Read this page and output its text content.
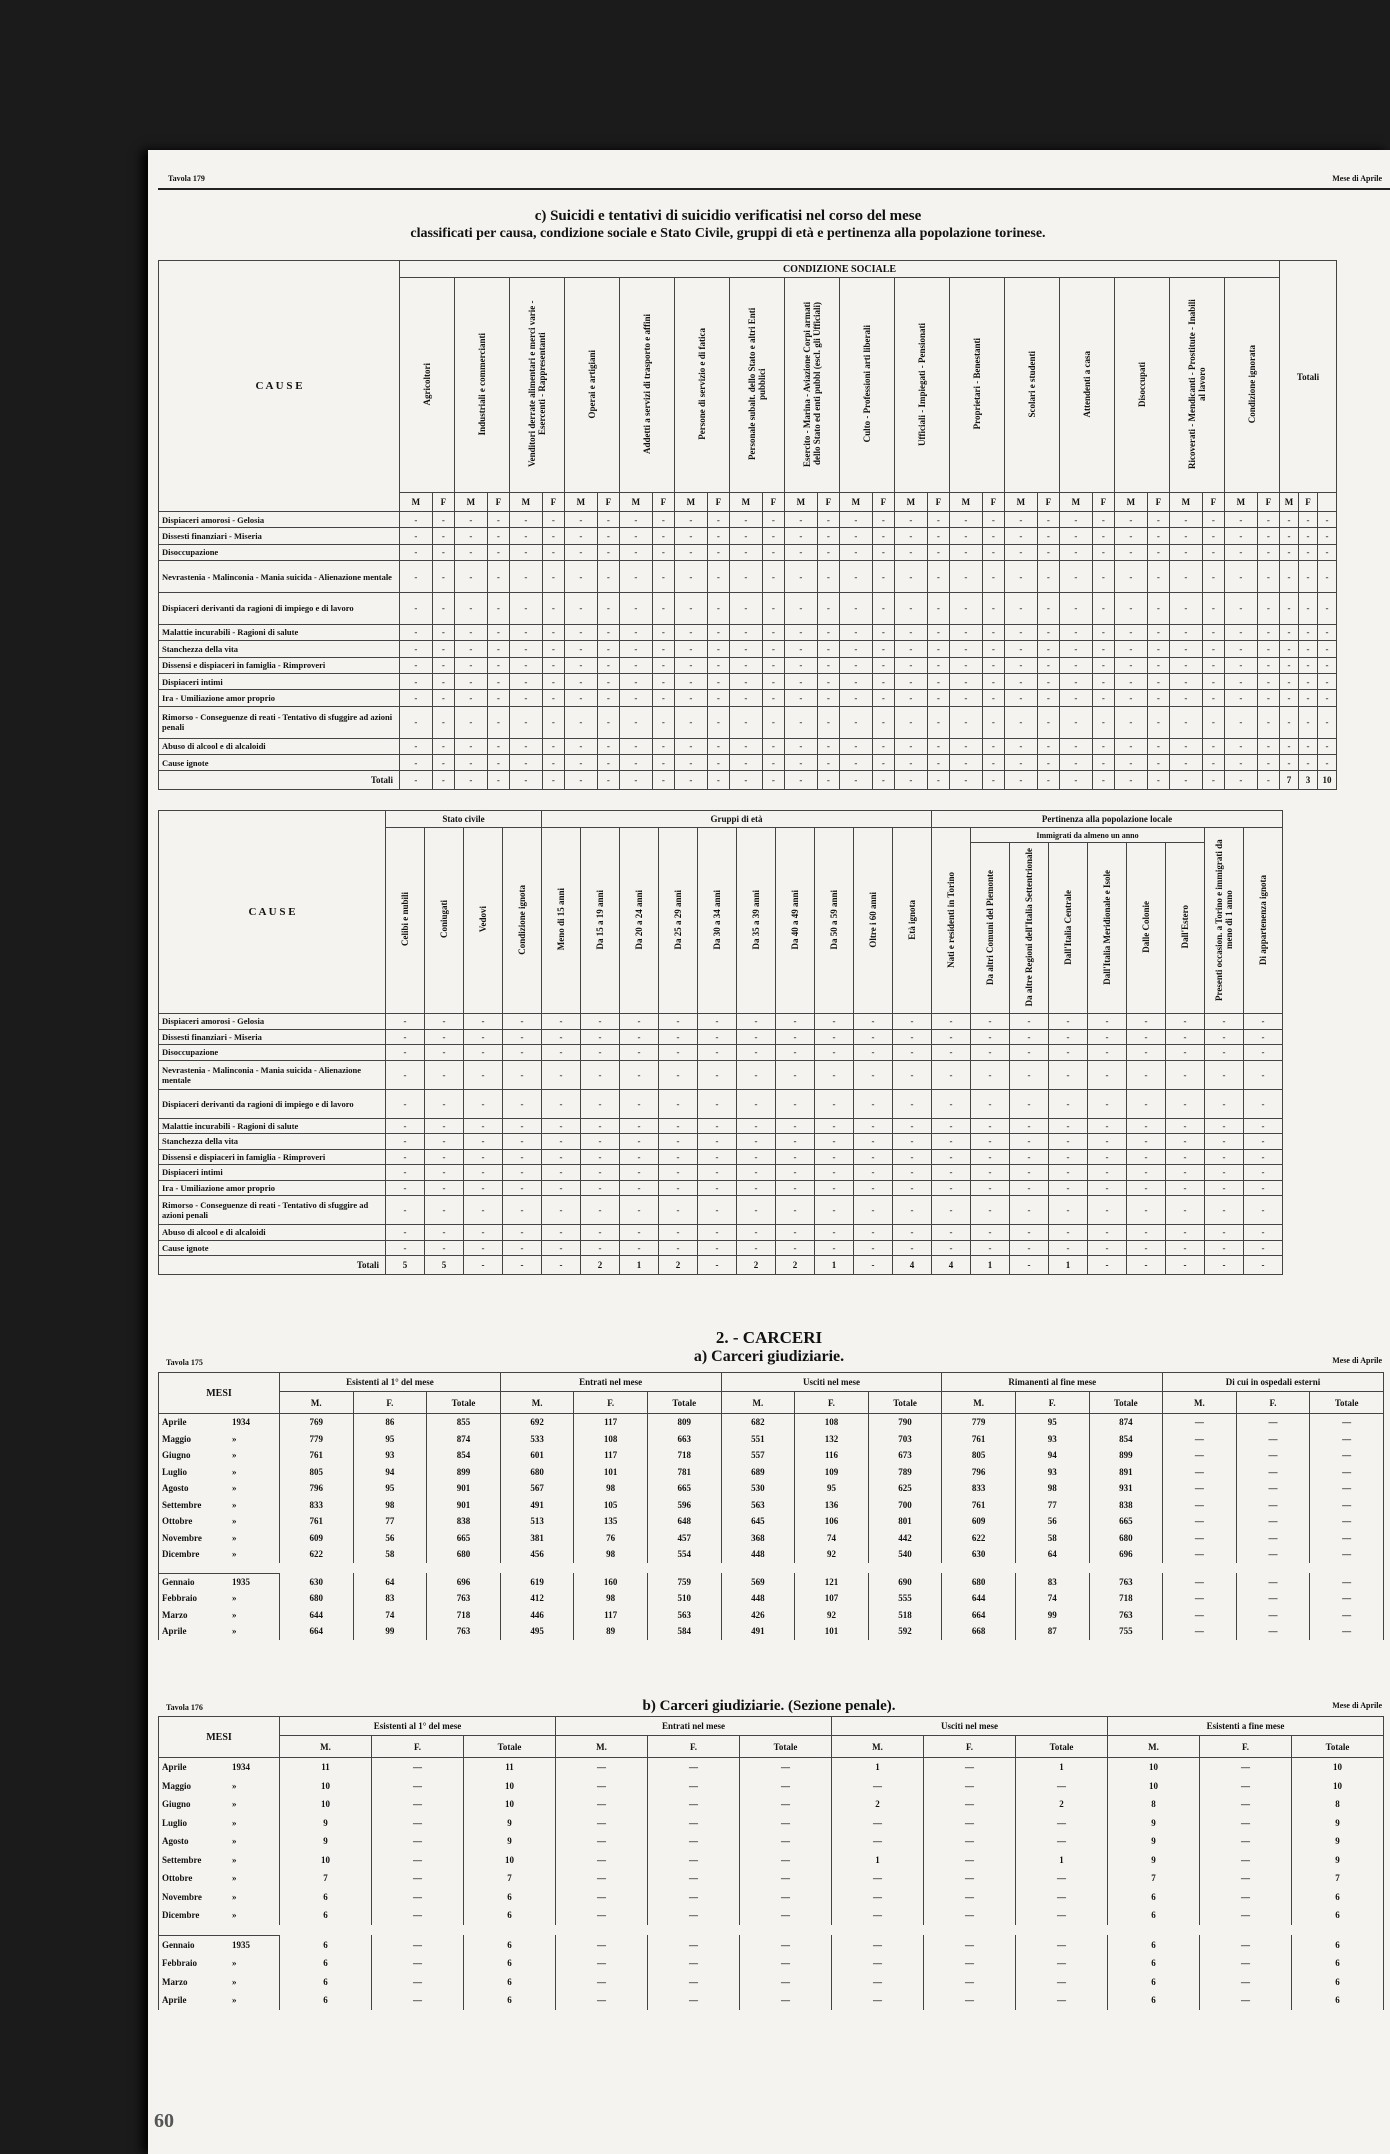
Tavola 179	Mese di Aprile
c) Suicidi e tentativi di suicidio verificatisi nel corso del mese
classificati per causa, condizione sociale e Stato Civile, gruppi di età e pertinenza alla popolazione torinese.
C A U S E	CONDIZIONE SOCIALE																																Totali		
	Agricoltori		Industriali e commercianti		Venditori derrate alimentari e merci varie - Esercenti - Rappresentanti		Operai e artigiani		Addetti a servizi di trasporto e affini		Persone di servizio e di fatica		Personale subalt. dello Stato e altri Enti pubblici		Esercito - Marina - Aviazione Corpi armati dello Stato ed enti pubbl (escl. gli Ufficiali)		Culto - Professioni arti liberali		Ufficiali - Impiegati - Pensionati		Proprietari - Benestanti		Scolari e studenti		Attendenti a casa		Disoccupati		Ricoverati - Mendicanti - Prostitute - Inabili al lavoro		Condizione ignorata				
	M	F	M	F	M	F	M	F	M	F	M	F	M	F	M	F	M	F	M	F	M	F	M	F	M	F	M	F	M	F	M	F	M	F	
Dispiaceri amorosi - Gelosia	-	-	-	-	-	-	-	-	-	-	-	-	-	-	-	-	-	-	-	-	-	-	-	-	-	-	-	-	-	-	-	-	-	-	-
Dissesti finanziari - Miseria	-	-	-	-	-	-	-	-	-	-	-	-	-	-	-	-	-	-	-	-	-	-	-	-	-	-	-	-	-	-	-	-	-	-	-
Disoccupazione	-	-	-	-	-	-	-	-	-	-	-	-	-	-	-	-	-	-	-	-	-	-	-	-	-	-	-	-	-	-	-	-	-	-	-
Nevrastenia - Malinconia - Mania suicida - Alienazione mentale	-	-	-	-	-	-	-	-	-	-	-	-	-	-	-	-	-	-	-	-	-	-	-	-	-	-	-	-	-	-	-	-	-	-	-
Dispiaceri derivanti da ragioni di impiego e di lavoro	-	-	-	-	-	-	-	-	-	-	-	-	-	-	-	-	-	-	-	-	-	-	-	-	-	-	-	-	-	-	-	-	-	-	-
Malattie incurabili - Ragioni di salute	-	-	-	-	-	-	-	-	-	-	-	-	-	-	-	-	-	-	-	-	-	-	-	-	-	-	-	-	-	-	-	-	-	-	-
Stanchezza della vita	-	-	-	-	-	-	-	-	-	-	-	-	-	-	-	-	-	-	-	-	-	-	-	-	-	-	-	-	-	-	-	-	-	-	-
Dissensi e dispiaceri in famiglia - Rimproveri	-	-	-	-	-	-	-	-	-	-	-	-	-	-	-	-	-	-	-	-	-	-	-	-	-	-	-	-	-	-	-	-	-	-	-
Dispiaceri intimi	-	-	-	-	-	-	-	-	-	-	-	-	-	-	-	-	-	-	-	-	-	-	-	-	-	-	-	-	-	-	-	-	-	-	-
Ira - Umiliazione amor proprio	-	-	-	-	-	-	-	-	-	-	-	-	-	-	-	-	-	-	-	-	-	-	-	-	-	-	-	-	-	-	-	-	-	-	-
Rimorso - Conseguenze di reati - Tentativo di sfuggire ad azioni penali	-	-	-	-	-	-	-	-	-	-	-	-	-	-	-	-	-	-	-	-	-	-	-	-	-	-	-	-	-	-	-	-	-	-	-
Abuso di alcool e di alcaloidi	-	-	-	-	-	-	-	-	-	-	-	-	-	-	-	-	-	-	-	-	-	-	-	-	-	-	-	-	-	-	-	-	-	-	-
Cause ignote	-	-	-	-	-	-	-	-	-	-	-	-	-	-	-	-	-	-	-	-	-	-	-	-	-	-	-	-	-	-	-	-	-	-	-
Totali	-	-	-	-	-	-	-	-	-	-	-	-	-	-	-	-	-	-	-	-	-	-	-	-	-	-	-	-	-	-	-	-	7	3	10
C A U S E	Stato civile				Gruppi di età										Pertinenza alla popolazione locale								
	Celibi e nubili	Coniugati	Vedovi	Condizione ignota	Meno di 15 anni	Da 15 a 19 anni	Da 20 a 24 anni	Da 25 a 29 anni	Da 30 a 34 anni	Da 35 a 39 anni	Da 40 a 49 anni	Da 50 a 59 anni	Oltre i 60 anni	Età ignota	Nati e residenti in Torino	Immigrati da almeno un anno						Presenti occasion. a Torino e immigrati da meno di 1 anno	Di appartenenza ignota
																Da altri Comuni del Piemonte	Da altre Regioni dell'Italia Settentrionale	Dall'Italia Centrale	Dall'Italia Meridionale e Isole	Dalle Colonie	Dall'Estero		
Dispiaceri amorosi - Gelosia	-	-	-	-	-	-	-	-	-	-	-	-	-	-	-	-	-	-	-	-	-	-	-
Dissesti finanziari - Miseria	-	-	-	-	-	-	-	-	-	-	-	-	-	-	-	-	-	-	-	-	-	-	-
Disoccupazione	-	-	-	-	-	-	-	-	-	-	-	-	-	-	-	-	-	-	-	-	-	-	-
Nevrastenia - Malinconia - Mania suicida - Alienazione mentale	-	-	-	-	-	-	-	-	-	-	-	-	-	-	-	-	-	-	-	-	-	-	-
Dispiaceri derivanti da ragioni di impiego e di lavoro	-	-	-	-	-	-	-	-	-	-	-	-	-	-	-	-	-	-	-	-	-	-	-
Malattie incurabili - Ragioni di salute	-	-	-	-	-	-	-	-	-	-	-	-	-	-	-	-	-	-	-	-	-	-	-
Stanchezza della vita	-	-	-	-	-	-	-	-	-	-	-	-	-	-	-	-	-	-	-	-	-	-	-
Dissensi e dispiaceri in famiglia - Rimproveri	-	-	-	-	-	-	-	-	-	-	-	-	-	-	-	-	-	-	-	-	-	-	-
Dispiaceri intimi	-	-	-	-	-	-	-	-	-	-	-	-	-	-	-	-	-	-	-	-	-	-	-
Ira - Umiliazione amor proprio	-	-	-	-	-	-	-	-	-	-	-	-	-	-	-	-	-	-	-	-	-	-	-
Rimorso - Conseguenze di reati - Tentativo di sfuggire ad azioni penali	-	-	-	-	-	-	-	-	-	-	-	-	-	-	-	-	-	-	-	-	-	-	-
Abuso di alcool e di alcaloidi	-	-	-	-	-	-	-	-	-	-	-	-	-	-	-	-	-	-	-	-	-	-	-
Cause ignote	-	-	-	-	-	-	-	-	-	-	-	-	-	-	-	-	-	-	-	-	-	-	-
Totali	5	5	-	-	-	2	1	2	-	2	2	1	-	4	4	1	-	1	-	-	-	-	-
2. - CARCERI
a) Carceri giudiziarie.
Tavola 175	Mese di Aprile
MESI	Esistenti al 1° del mese			Entrati nel mese			Usciti nel mese			Rimanenti al fine mese			Di cui in ospedali esterni		
	M.	F.	Totale	M.	F.	Totale	M.	F.	Totale	M.	F.	Totale	M.	F.	Totale
Aprile 1934	769	86	855	692	117	809	682	108	790	779	95	874	—	—	—
Maggio »	779	95	874	533	108	663	551	132	703	761	93	854	—	—	—
Giugno »	761	93	854	601	117	718	557	116	673	805	94	899	—	—	—
Luglio »	805	94	899	680	101	781	689	109	789	796	93	891	—	—	—
Agosto »	796	95	901	567	98	665	530	95	625	833	98	931	—	—	—
Settembre »	833	98	901	491	105	596	563	136	700	761	77	838	—	—	—
Ottobre »	761	77	838	513	135	648	645	106	801	609	56	665	—	—	—
Novembre »	609	56	665	381	76	457	368	74	442	622	58	680	—	—	—
Dicembre »	622	58	680	456	98	554	448	92	540	630	64	696	—	—	—

Gennaio 1935	630	64	696	619	160	759	569	121	690	680	83	763	—	—	—
Febbraio »	680	83	763	412	98	510	448	107	555	644	74	718	—	—	—
Marzo »	644	74	718	446	117	563	426	92	518	664	99	763	—	—	—
Aprile »	664	99	763	495	89	584	491	101	592	668	87	755	—	—	—
Tavola 176	b) Carceri giudiziarie. (Sezione penale).	Mese di Aprile
MESI	Esistenti al 1° del mese			Entrati nel mese			Usciti nel mese			Esistenti a fine mese		
	M.	F.	Totale	M.	F.	Totale	M.	F.	Totale	M.	F.	Totale
Aprile 1934	11	—	11	—	—	—	1	—	1	10	—	10
Maggio »	10	—	10	—	—	—	—	—	—	10	—	10
Giugno »	10	—	10	—	—	—	2	—	2	8	—	8
Luglio »	9	—	9	—	—	—	—	—	—	9	—	9
Agosto »	9	—	9	—	—	—	—	—	—	9	—	9
Settembre »	10	—	10	—	—	—	1	—	1	9	—	9
Ottobre »	7	—	7	—	—	—	—	—	—	7	—	7
Novembre »	6	—	6	—	—	—	—	—	—	6	—	6
Dicembre »	6	—	6	—	—	—	—	—	—	6	—	6

Gennaio 1935	6	—	6	—	—	—	—	—	—	6	—	6
Febbraio »	6	—	6	—	—	—	—	—	—	6	—	6
Marzo »	6	—	6	—	—	—	—	—	—	6	—	6
Aprile »	6	—	6	—	—	—	—	—	—	6	—	6
60
